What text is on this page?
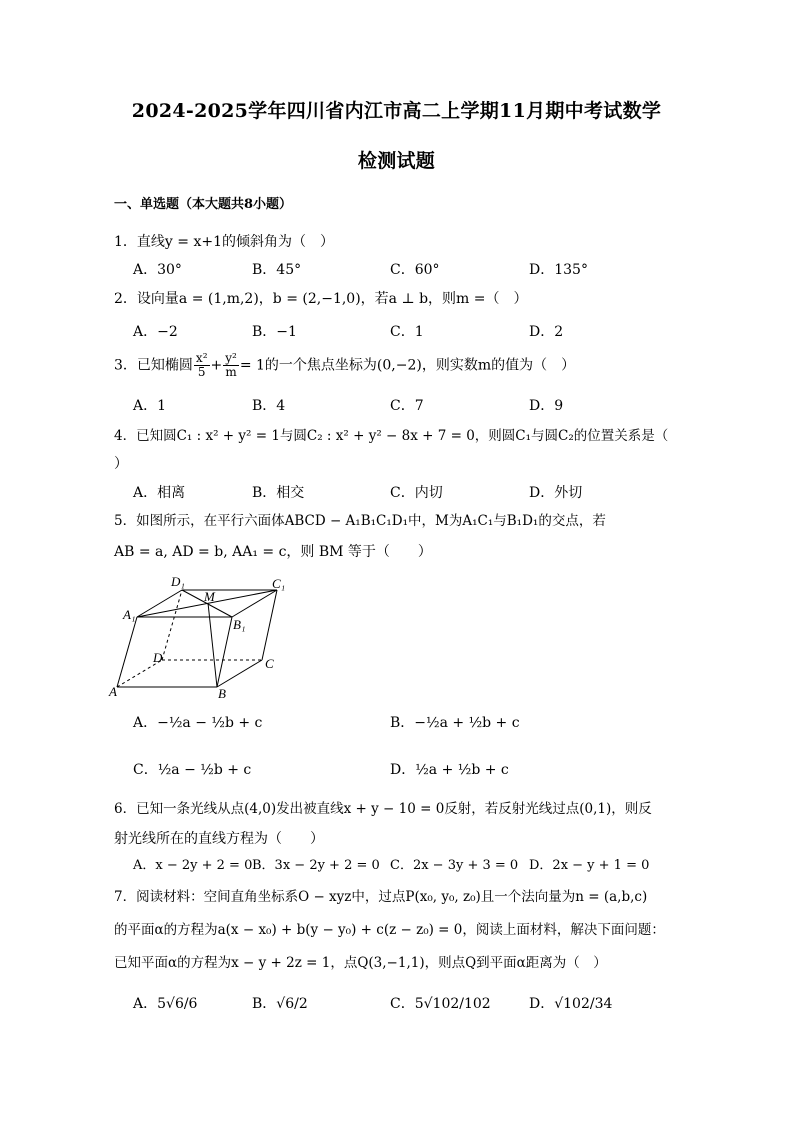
2024-2025学年四川省内江市高二上学期11月期中考试数学
检测试题
一、单选题（本大题共8小题）
1．直线y = x+1的倾斜角为（　）
A．30°	B．45°	C．60°	D．135°
2．设向量a = (1,m,2)，b = (2,−1,0)，若a ⊥ b，则m =（　）
A．−2	B．−1	C．1	D．2
3．已知椭圆 $\frac{\text{x²}}{5} + \frac{\text{y²}}{m} = 1$的一个焦点坐标为(0,−2)，则实数m的值为（　）
A．1	B．4	C．7	D．9
4．已知圆C₁ : x² + y² = 1与圆C₂ : x² + y² − 8x + 7 = 0，则圆C₁与圆C₂的位置关系是（
）
A．相离	B．相交	C．内切	D．外切
5．如图所示，在平行六面体ABCD − A₁B₁C₁D₁中，M为A₁C₁与B₁D₁的交点，若
AB = a, AD = b, AA₁ = c，则 BM 等于（　　）
A	B
C
D
A₁
B₁
C₁
D₁
M
A．−½a − ½b + c	B．−½a + ½b + c
C．½a − ½b + c	D．½a + ½b + c
6．已知一条光线从点(4,0)发出被直线x + y − 10 = 0反射，若反射光线过点(0,1)，则反
射光线所在的直线方程为（　　）
A．x − 2y + 2 = 0 B．3x − 2y + 2 = 0 C．2x − 3y + 3 = 0 D．2x − y + 1 = 0
7．阅读材料：空间直角坐标系O − xyz中，过点P(x₀, y₀, z₀)且一个法向量为n = (a,b,c)
的平面α的方程为a(x − x₀) + b(y − y₀) + c(z − z₀) = 0，阅读上面材料，解决下面问题：
已知平面α的方程为x − y + 2z = 1，点Q(3,−1,1)，则点Q到平面α距离为（　）
A．5√6/6	B．√6/2	C．5√102/102	D．√102/34
